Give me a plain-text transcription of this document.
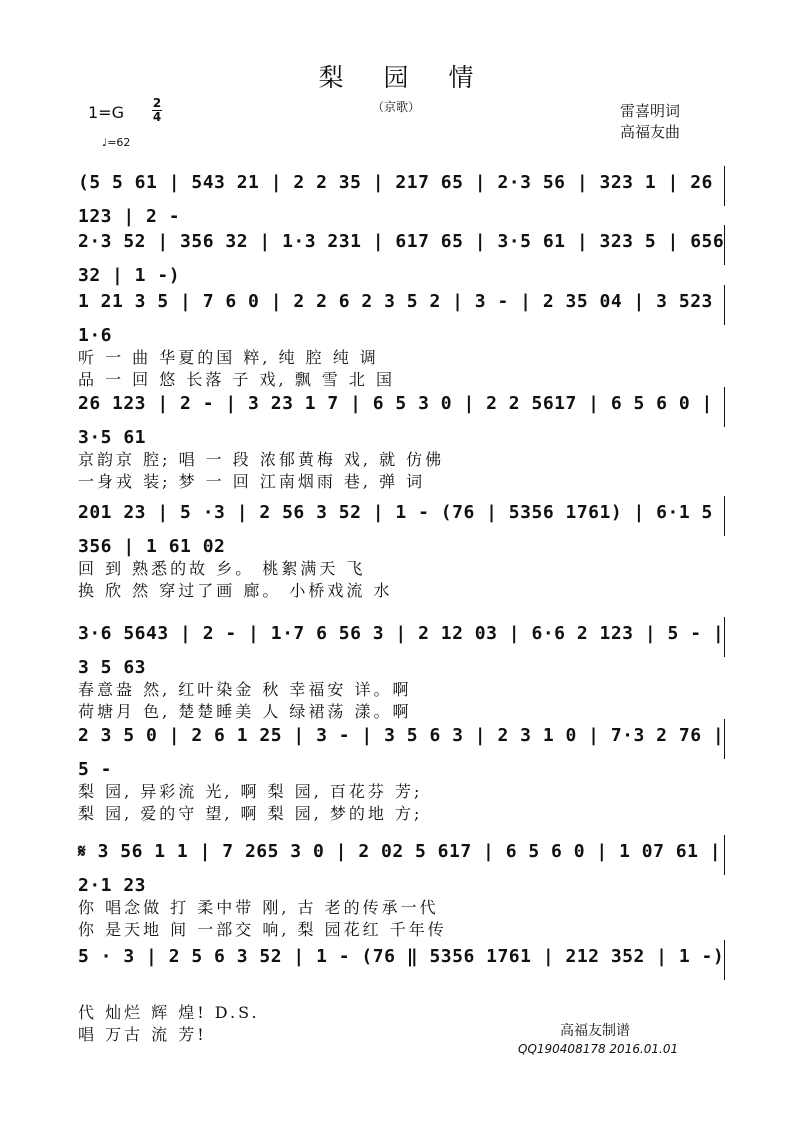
梨园情
（京歌）
1=G 2
4
♩=62
雷喜明词
高福友曲
(5 5 61 | 543 21 | 2 2 35 | 217 65 | 2·3 56 | 323 1 | 26 123 | 2 -
2·3 52 | 356 32 | 1·3 231 | 617 65 | 3·5 61 | 323 5 | 656 32 | 1 -)
1 21 3 5 | 7 6 0 | 2 2 6 2 3 5 2 | 3 - | 2 35 04 | 3 523 1·6
听 一 曲 华夏的国 粹, 纯 腔 纯 调
品 一 回 悠 长落 子 戏, 飘 雪 北 国
26 123 | 2 - | 3 23 1 7 | 6 5 3 0 | 2 2 5617 | 6 5 6 0 | 3·5 61
京韵京 腔; 唱 一 段 浓郁黄梅 戏, 就 仿佛
一身戎 装; 梦 一 回 江南烟雨 巷, 弹 词
201 23 | 5 ·3 | 2 56 3 52 | 1 - (76 | 5356 1761) | 6·1 5 356 | 1 61 02
回 到 熟悉的故 乡。 桃絮满天 飞
换 欣 然 穿过了画 廊。 小桥戏流 水
3·6 5643 | 2 - | 1·7 6 56 3 | 2 12 03 | 6·6 2 123 | 5 - | 3 5 63
春意盎 然, 红叶染金 秋 幸福安 详。啊
荷塘月 色, 楚楚睡美 人 绿裙荡 漾。啊
2 3 5 0 | 2 6 1 25 | 3 - | 3 5 6 3 | 2 3 1 0 | 7·3 2 76 | 5 -
梨 园, 异彩流 光, 啊 梨 园, 百花芬 芳;
梨 园, 爱的守 望, 啊 梨 园, 梦的地 方;
𝄋 3 56 1 1 | 7 265 3 0 | 2 02 5 617 | 6 5 6 0 | 1 07 61 | 2·1 23
你 唱念做 打 柔中带 刚, 古 老的传承一代
你 是天地 间 一部交 响, 梨 园花红 千年传
5 · 3 | 2 5 6 3 52 | 1 - (76 ‖ 5356 1761 | 212 352 | 1 -)
代 灿烂 辉 煌! D.S.
唱 万古 流 芳!	高福友制谱
QQ190408178 2016.01.01
